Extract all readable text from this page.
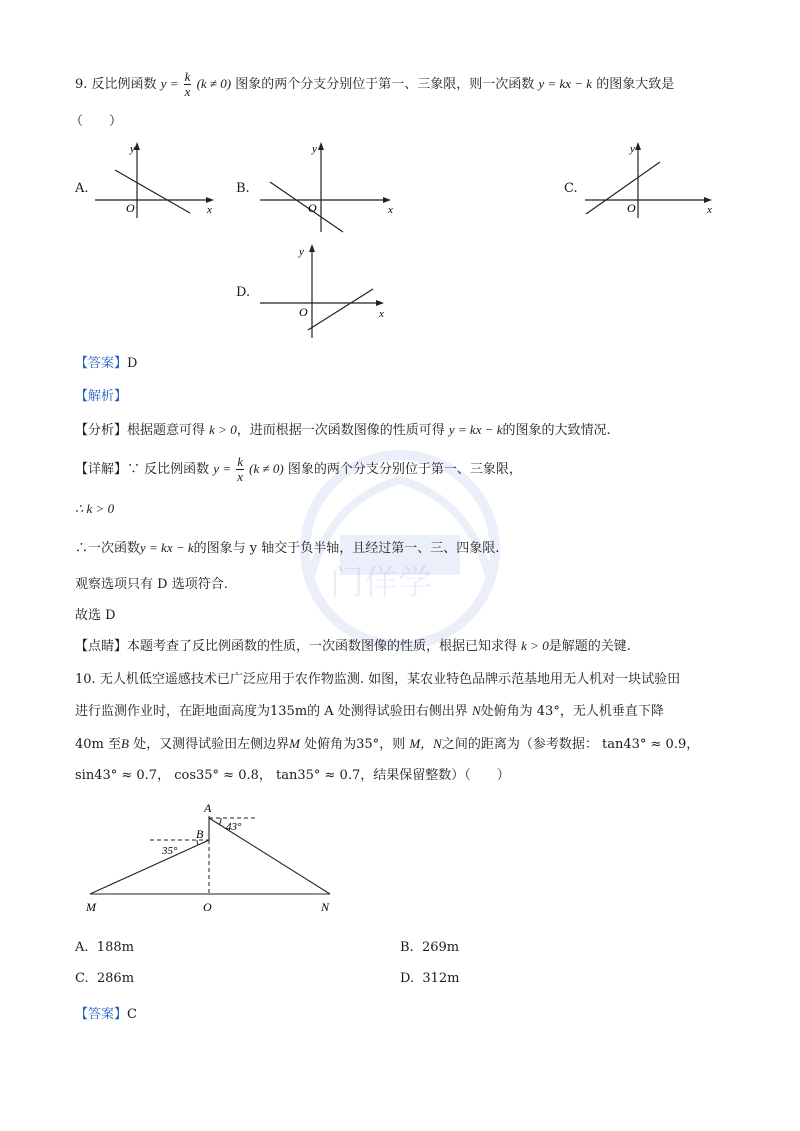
门佯学
9. 反比例函数 $y = \frac{k}{x} (k \ne 0)$ 图象的两个分支分别位于第一、三象限，则一次函数 y = kx − k 的图象大致是
（　　）
A.
y
x
O
B.
y
x
O
C.
y
x
O
D.
y
x
O
【答案】D
【解析】
【分析】根据题意可得 k > 0，进而根据一次函数图像的性质可得 y = kx − k的图象的大致情况.
【详解】∵ 反比例函数 $y = \frac{k}{x} (k \ne 0)$ 图象的两个分支分别位于第一、三象限，
∴ k > 0
∴一次函数y = kx − k的图象与 y 轴交于负半轴，且经过第一、三、四象限.
观察选项只有 D 选项符合.
故选 D
【点睛】本题考查了反比例函数的性质，一次函数图像的性质，根据已知求得 k > 0是解题的关键.
10. 无人机低空遥感技术已广泛应用于农作物监测. 如图，某农业特色品牌示范基地用无人机对一块试验田
进行监测作业时，在距地面高度为135m的 A 处测得试验田右侧出界 N处俯角为 43°，无人机垂直下降
40m 至B 处，又测得试验田左侧边界M 处俯角为35°，则 M，N之间的距离为（参考数据： tan43° ≈ 0.9，
sin43° ≈ 0.7， cos35° ≈ 0.8， tan35° ≈ 0.7，结果保留整数）（　　）
A
B
M	O	N
43°
35°
A. 188m	B. 269m
C. 286m	D. 312m
【答案】C
